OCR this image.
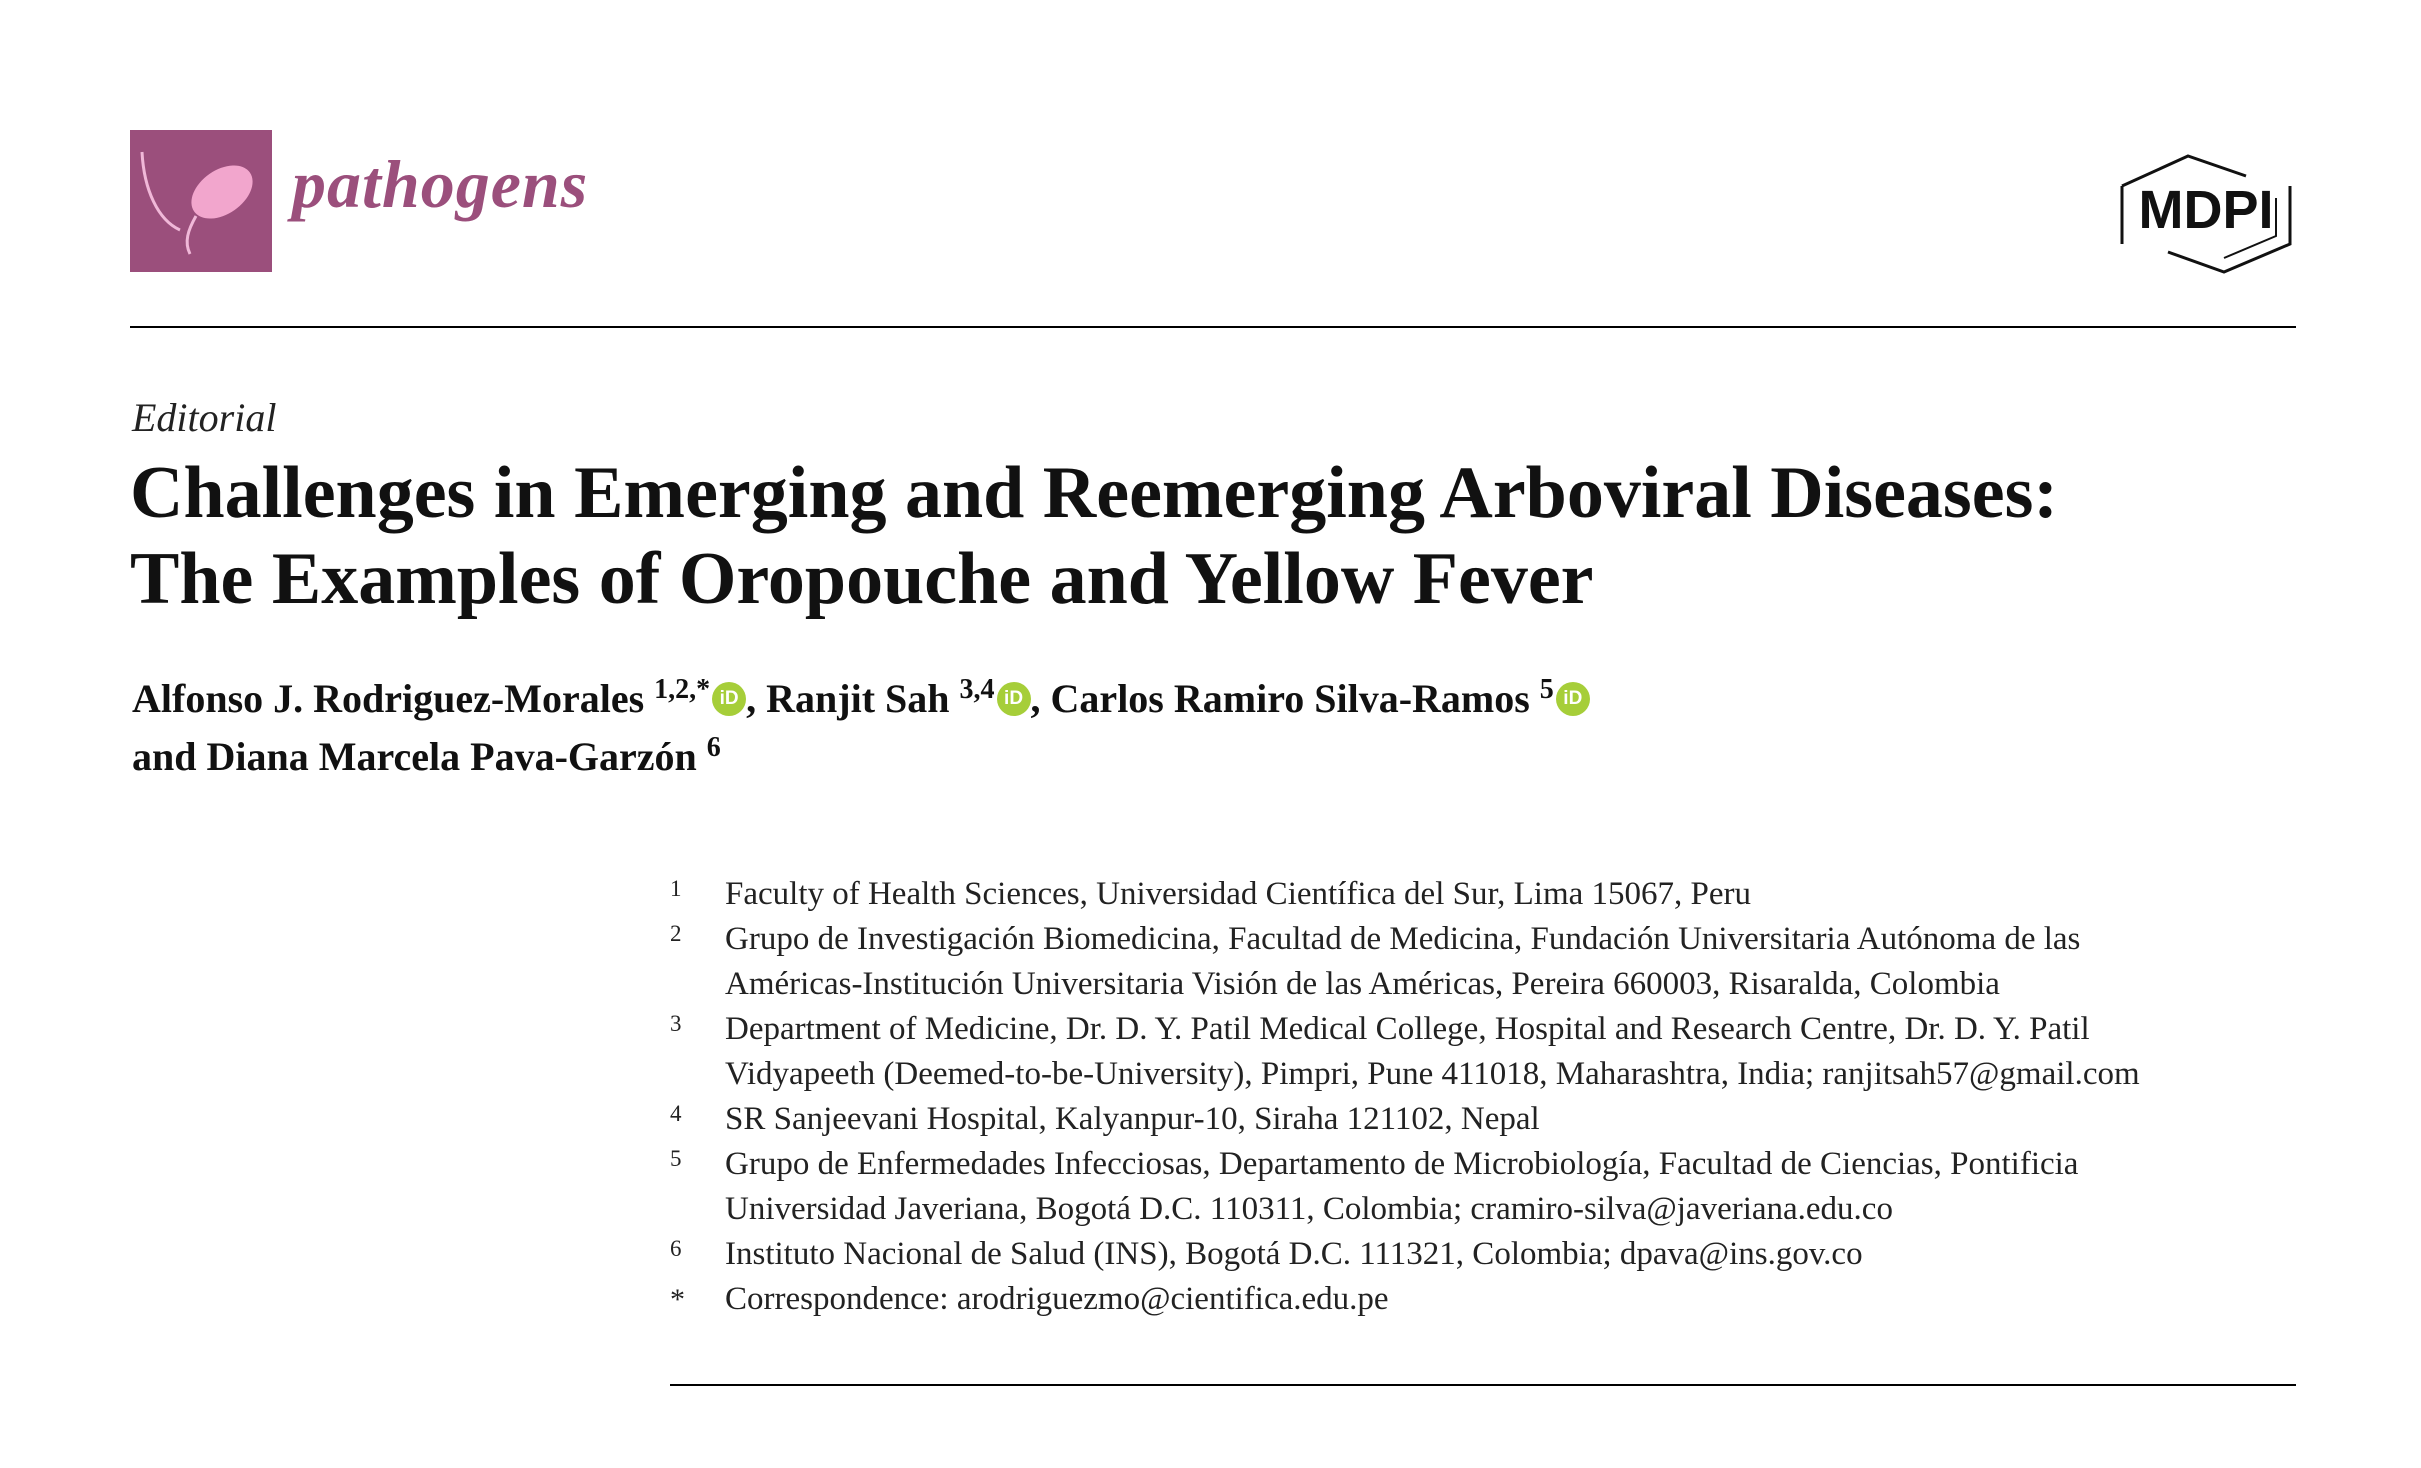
pathogens	MDPI
Editorial
Challenges in Emerging and Reemerging Arboviral Diseases:
The Examples of Oropouche and Yellow Fever
Alfonso J. Rodriguez-Morales $^{1,2,*}$ iD , Ranjit Sah $^{3,4}$ iD , Carlos Ramiro Silva-Ramos $^5$ iD
and Diana Marcela Pava-Garzón $^6$
1 Faculty of Health Sciences, Universidad Científica del Sur, Lima 15067, Peru
2 Grupo de Investigación Biomedicina, Facultad de Medicina, Fundación Universitaria Autónoma de las
Américas-Institución Universitaria Visión de las Américas, Pereira 660003, Risaralda, Colombia
3 Department of Medicine, Dr. D. Y. Patil Medical College, Hospital and Research Centre, Dr. D. Y. Patil
Vidyapeeth (Deemed-to-be-University), Pimpri, Pune 411018, Maharashtra, India; ranjitsah57@gmail.com
4 SR Sanjeevani Hospital, Kalyanpur-10, Siraha 121102, Nepal
5 Grupo de Enfermedades Infecciosas, Departamento de Microbiología, Facultad de Ciencias, Pontificia
Universidad Javeriana, Bogotá D.C. 110311, Colombia; cramiro-silva@javeriana.edu.co
6 Instituto Nacional de Salud (INS), Bogotá D.C. 111321, Colombia; dpava@ins.gov.co
* Correspondence: arodriguezmo@cientifica.edu.pe
